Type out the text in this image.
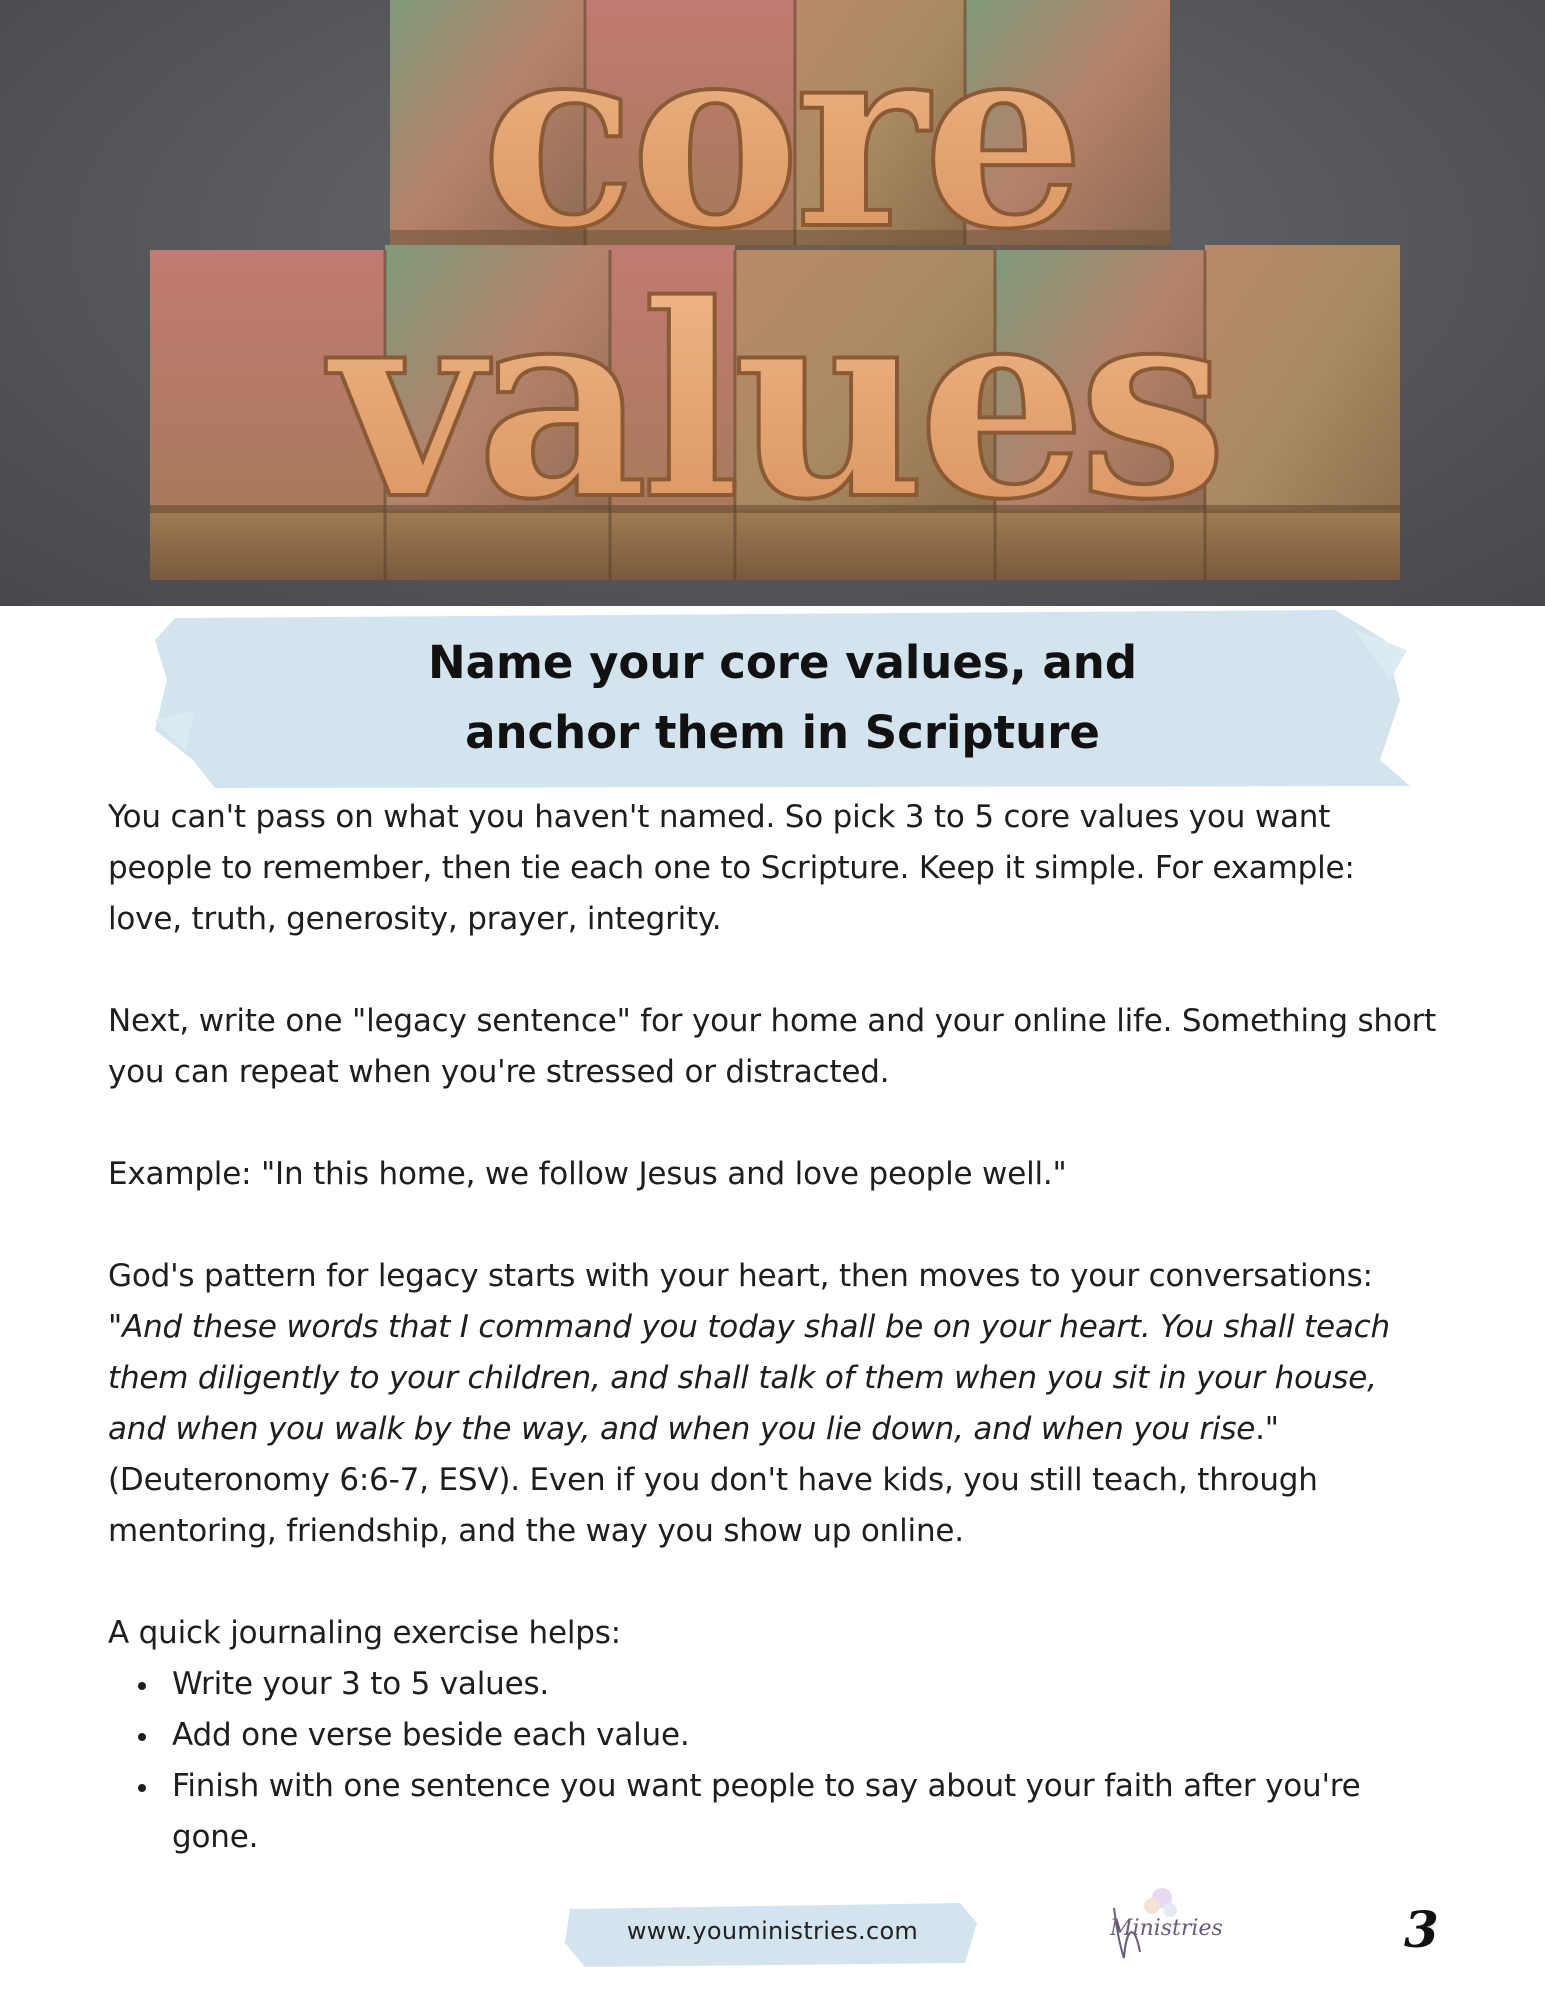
core
values
Name your core values, and
anchor them in Scripture

You can't pass on what you haven't named. So pick 3 to 5 core values you want people to remember, then tie each one to Scripture. Keep it simple. For example: love, truth, generosity, prayer, integrity.

Next, write one "legacy sentence" for your home and your online life. Something short you can repeat when you're stressed or distracted.

Example: "In this home, we follow Jesus and love people well."

God's pattern for legacy starts with your heart, then moves to your conversations: "And these words that I command you today shall be on your heart. You shall teach them diligently to your children, and shall talk of them when you sit in your house, and when you walk by the way, and when you lie down, and when you rise." (Deuteronomy 6:6-7, ESV). Even if you don't have kids, you still teach, through mentoring, friendship, and the way you show up online.

A quick journaling exercise helps:

Write your 3 to 5 values.
Add one verse beside each value.
Finish with one sentence you want people to say about your faith after you're gone.
www.youministries.com	Ministries	3
